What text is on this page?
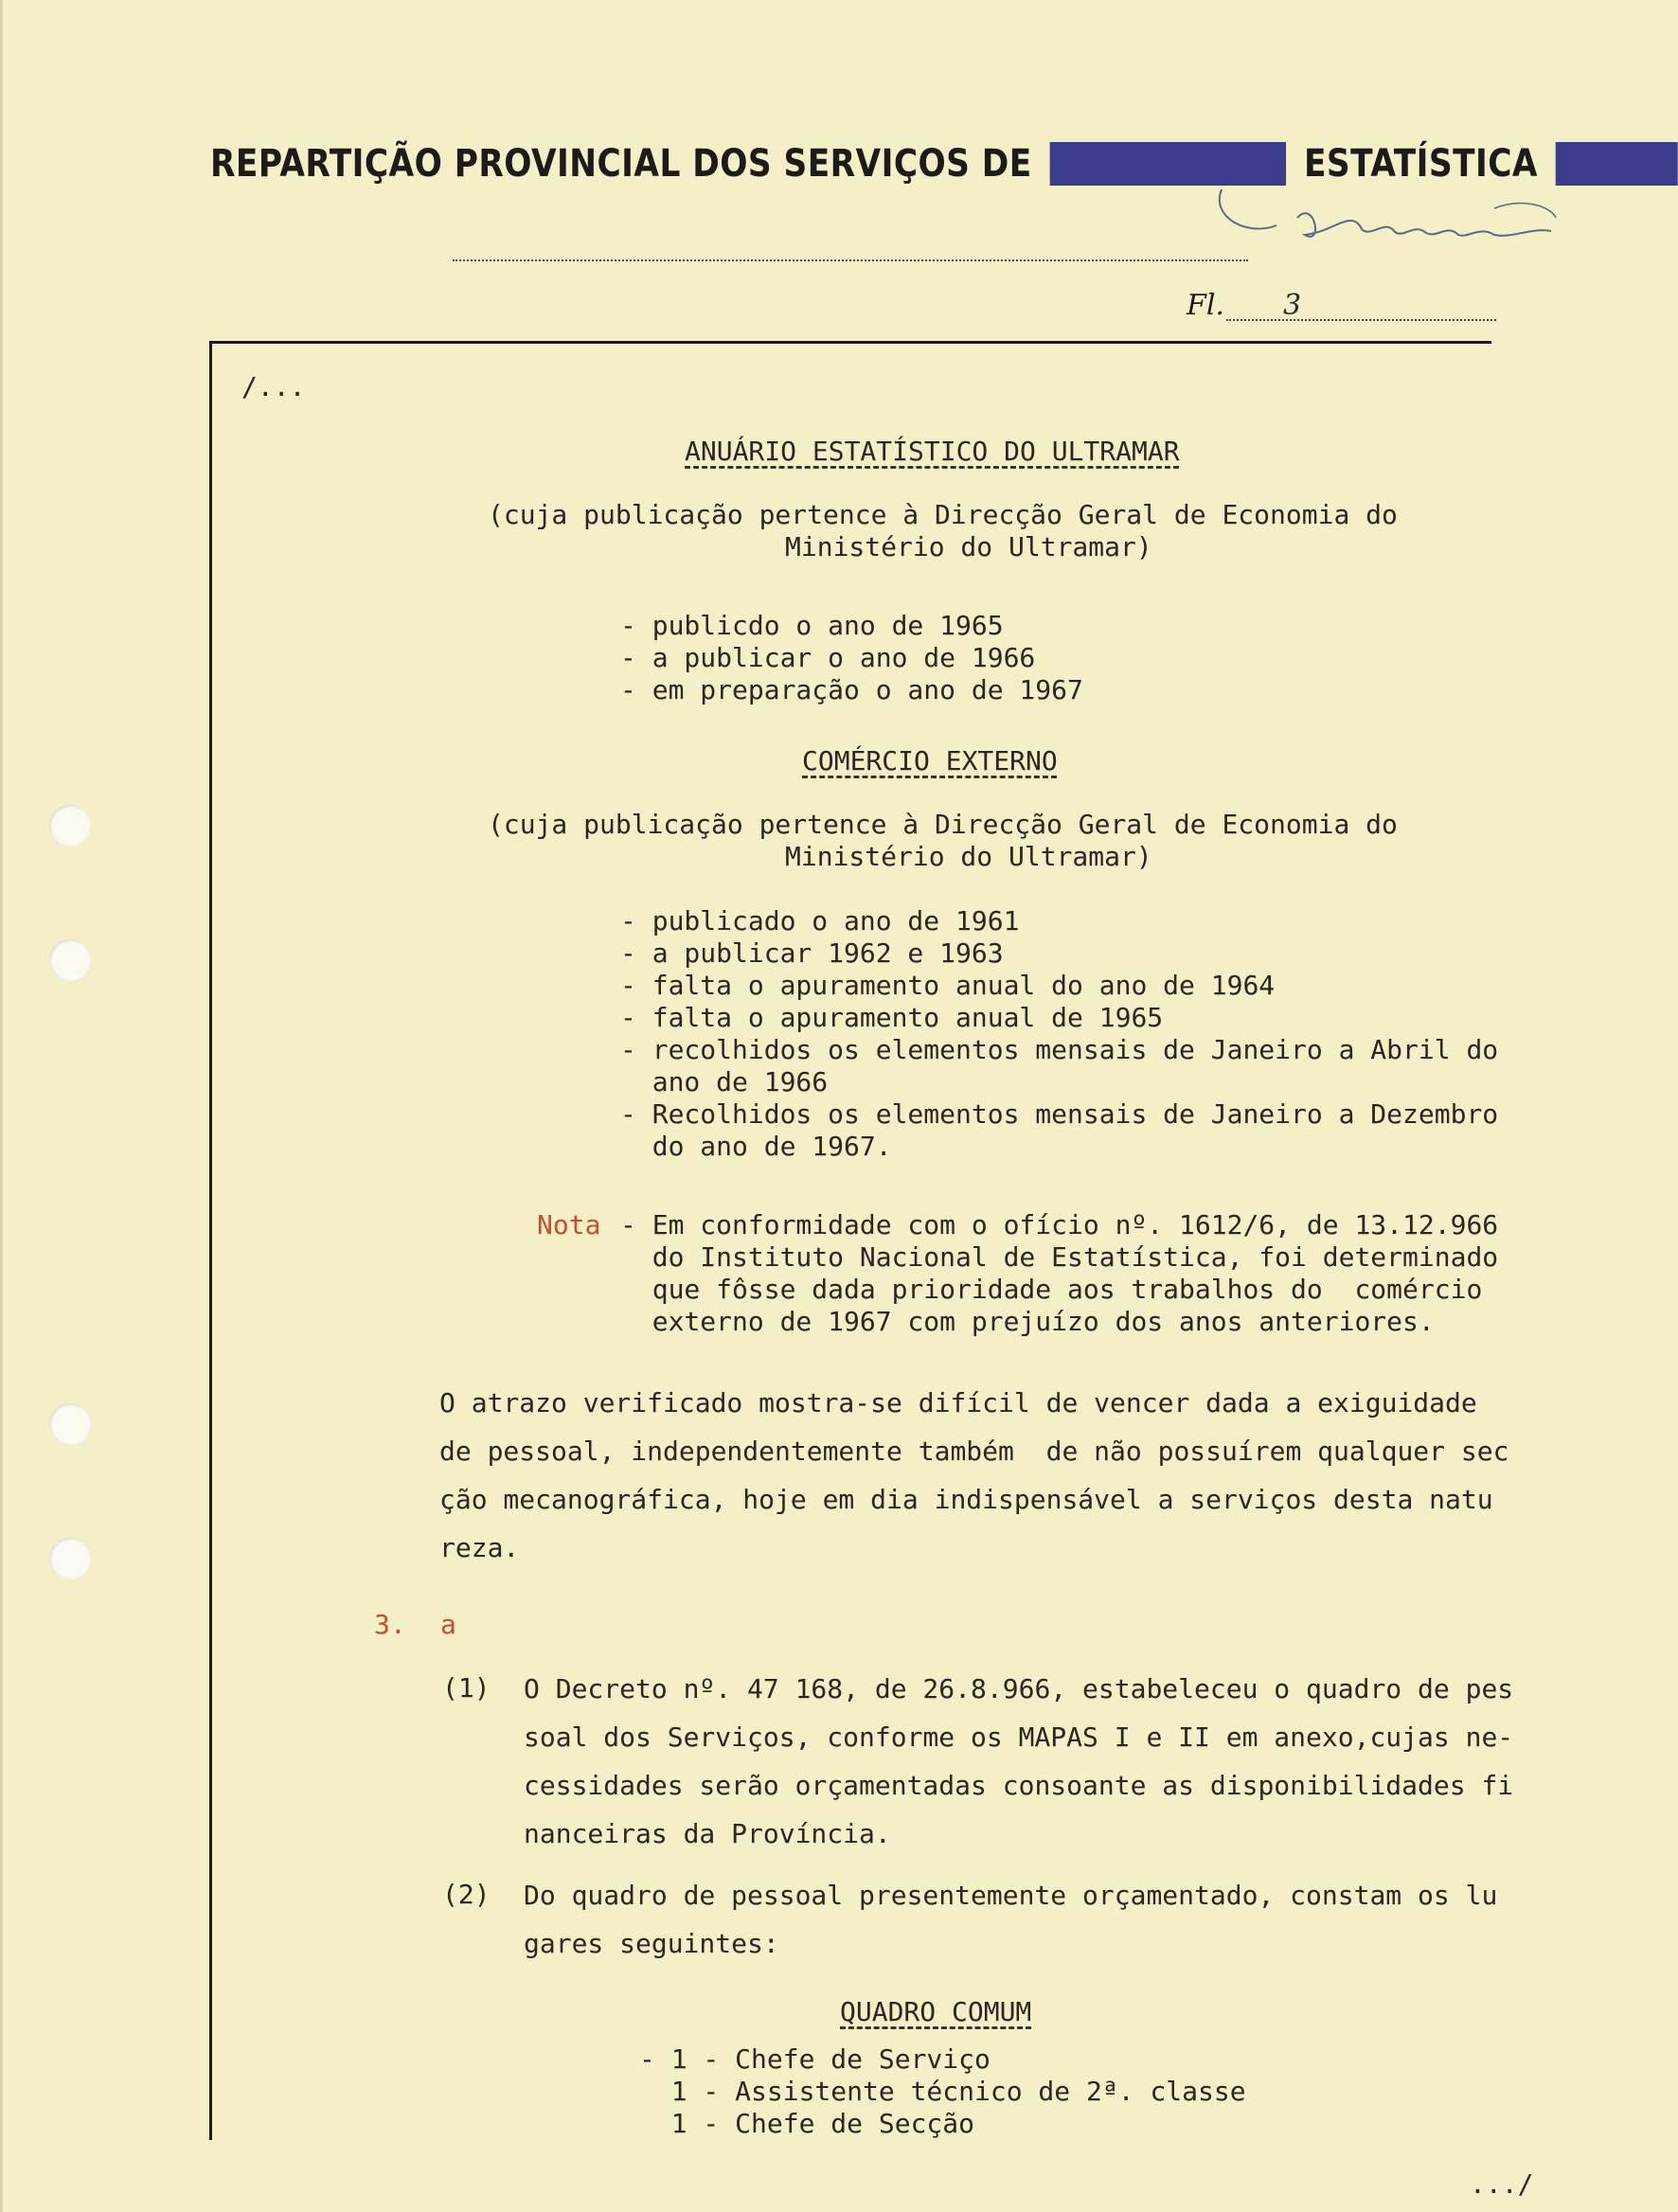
REPARTIÇÃO PROVINCIAL DOS SERVIÇOS DE ECONOMIA E ESTATÍSTICA GERAL
Fl. 3
/...
ANUÁRIO ESTATÍSTICO DO ULTRAMAR
(cuja publicação pertence à Direcção Geral de Economia do
Ministério do Ultramar)
- publicdo o ano de 1965
- a publicar o ano de 1966
- em preparação o ano de 1967
COMÉRCIO EXTERNO
(cuja publicação pertence à Direcção Geral de Economia do
Ministério do Ultramar)
- publicado o ano de 1961
- a publicar 1962 e 1963
- falta o apuramento anual do ano de 1964
- falta o apuramento anual de 1965
- recolhidos os elementos mensais de Janeiro a Abril do
ano de 1966
- Recolhidos os elementos mensais de Janeiro a Dezembro
do ano de 1967.
Nota - Em conformidade com o ofício nº. 1612/6, de 13.12.966
do Instituto Nacional de Estatística, foi determinado
que fôsse dada prioridade aos trabalhos do  comércio
externo de 1967 com prejuízo dos anos anteriores.
O atrazo verificado mostra-se difícil de vencer dada a exiguidade
de pessoal, independentemente também  de não possuírem qualquer sec
ção mecanográfica, hoje em dia indispensável a serviços desta natu
reza.
3. a
(1) O Decreto nº. 47 168, de 26.8.966, estabeleceu o quadro de pes
soal dos Serviços, conforme os MAPAS I e II em anexo,cujas ne-
cessidades serão orçamentadas consoante as disponibilidades fi
nanceiras da Província.
(2) Do quadro de pessoal presentemente orçamentado, constam os lu
gares seguintes:
QUADRO COMUM
- 1 - Chefe de Serviço
1 - Assistente técnico de 2ª. classe
1 - Chefe de Secção
.../
